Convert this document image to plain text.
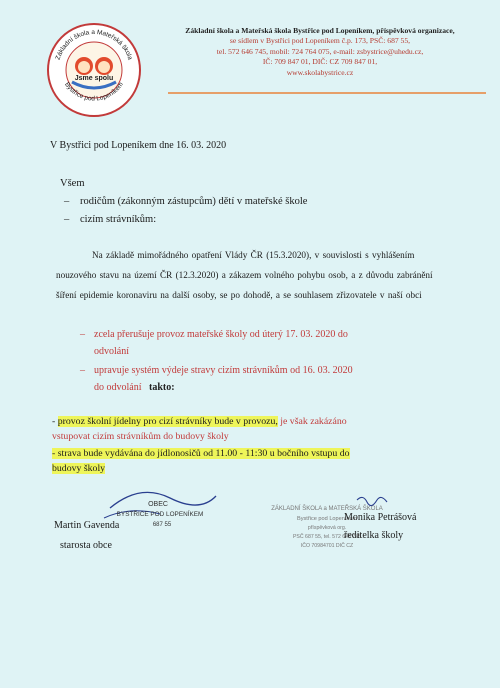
Jsme spolu
Základní škola a Mateřská škola
Bystřice pod Lopeníkem
Základní škola a Mateřská škola Bystřice pod Lopeníkem, příspěvková organizace,
se sídlem v Bystřici pod Lopeníkem č.p. 173, PSČ: 687 55,
tel. 572 646 745, mobil: 724 764 075, e-mail: zsbystrice@uhedu.cz,
IČ: 709 847 01, DIČ: CZ 709 847 01,
www.skolabystrice.cz
V Bystřici pod Lopeníkem dne 16. 03. 2020
Všem
– rodičům (zákonným zástupcům) dětí v mateřské škole
– cizím strávníkům:
Na základě mimořádného opatření Vlády ČR (15.3.2020), v souvislosti s vyhlášením nouzového stavu na území ČR (12.3.2020) a zákazem volného pohybu osob, a z důvodu zabránění šíření epidemie koronaviru na další osoby, se po dohodě, a se souhlasem zřizovatele v naší obci
– zcela přerušuje provoz mateřské školy od úterý 17. 03. 2020 do
odvolání
– upravuje systém výdeje stravy cizím strávníkům od 16. 03. 2020
do odvolání takto:
- provoz školní jídelny pro cizí strávníky bude v provozu, je však zakázáno
vstupovat cizím strávníkům do budovy školy
- strava bude vydávána do jídlonosičů od 11.00 - 11:30 u bočního vstupu do
budovy školy
OBEC
BYSTŘICE POD LOPENÍKEM
687 55
ZÁKLADNÍ ŠKOLA a MATEŘSKÁ ŠKOLA
Bystřice pod Lopeníkem
příspěvková org.
PSČ 687 55, tel. 572 646 745
IČO 70984701 DIČ CZ
Martin Gavenda
starosta obce
Monika Petrášová
ředitelka školy
